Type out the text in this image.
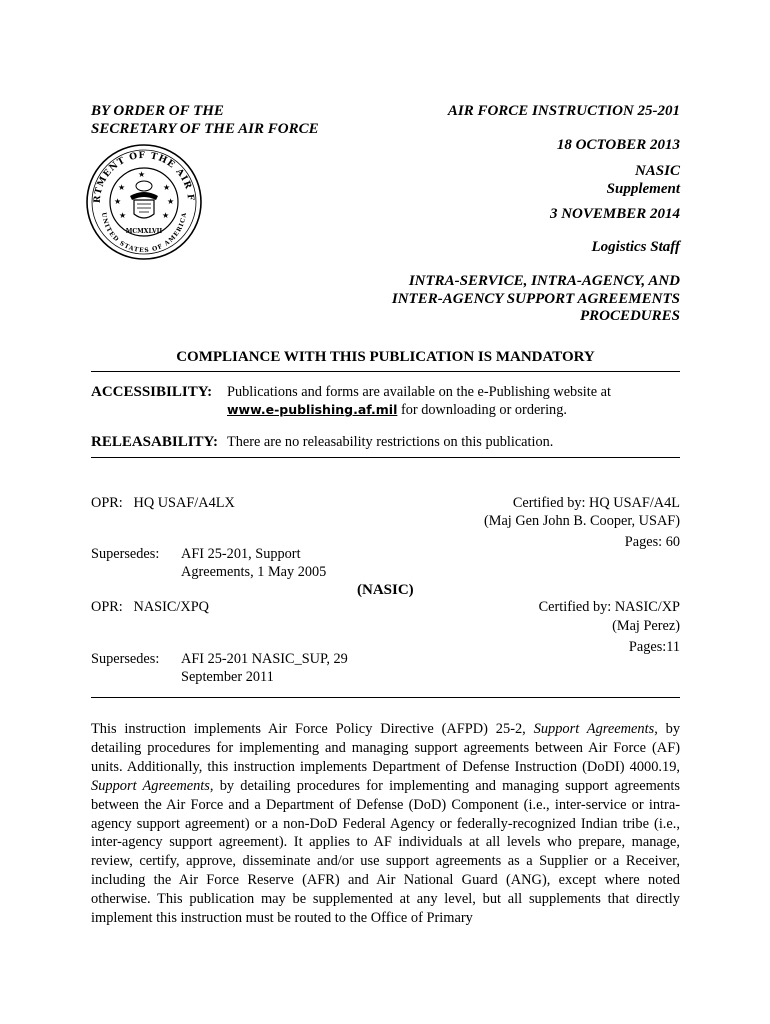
BY ORDER OF THE
SECRETARY OF THE AIR FORCE
RTMENT OF THE AIR F
UNITED STATES OF AMERICA
★	★
★	★
★	★
★
MCMXLVII
AIR FORCE INSTRUCTION 25-201
18 OCTOBER 2013
NASIC
Supplement
3 NOVEMBER 2014
Logistics Staff
INTRA-SERVICE, INTRA-AGENCY, AND
INTER-AGENCY SUPPORT AGREEMENTS
PROCEDURES
COMPLIANCE WITH THIS PUBLICATION IS MANDATORY
ACCESSIBILITY: Publications and forms are available on the e-Publishing website at
www.e-publishing.af.mil for downloading or ordering.
RELEASABILITY: There are no releasability restrictions on this publication.
OPR:   HQ USAF/A4LX	Certified by: HQ USAF/A4L
(Maj Gen John B. Cooper, USAF)
Pages: 60
Supersedes: AFI 25-201, Support
Agreements, 1 May 2005
(NASIC)
OPR:   NASIC/XPQ	Certified by: NASIC/XP
(Maj Perez)
Pages:11
Supersedes: AFI 25-201 NASIC_SUP, 29
September 2011
This instruction implements Air Force Policy Directive (AFPD) 25-2, Support Agreements, by detailing procedures for implementing and managing support agreements between Air Force (AF) units. Additionally, this instruction implements Department of Defense Instruction (DoDI) 4000.19, Support Agreements, by detailing procedures for implementing and managing support agreements between the Air Force and a Department of Defense (DoD) Component (i.e., inter-service or intra-agency support agreement) or a non-DoD Federal Agency or federally-recognized Indian tribe (i.e., inter-agency support agreement). It applies to AF individuals at all levels who prepare, manage, review, certify, approve, disseminate and/or use support agreements as a Supplier or a Receiver, including the Air Force Reserve (AFR) and Air National Guard (ANG), except where noted otherwise. This publication may be supplemented at any level, but all supplements that directly implement this instruction must be routed to the Office of Primary
